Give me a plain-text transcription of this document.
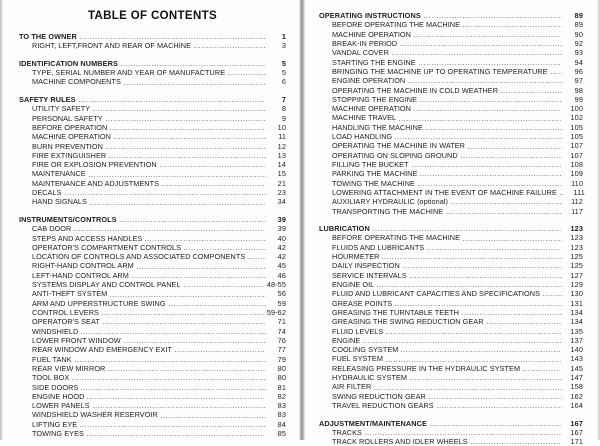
TABLE OF CONTENTS
TO THE OWNER	1
RIGHT, LEFT,FRONT AND REAR OF MACHINE	3
IDENTIFICATION NUMBERS	5
TYPE, SERIAL NUMBER AND YEAR OF MANUFACTURE	5
MACHINE COMPONENTS	6
SAFETY RULES	7
UTILITY SAFETY	8
PERSONAL SAFETY	9
BEFORE OPERATION	10
MACHINE OPERATION	11
BURN PREVENTION	12
FIRE EXTINGUISHER	13
FIRE OR EXPLOSION PREVENTION	14
MAINTENANCE	15
MAINTENANCE AND ADJUSTMENTS	21
DECALS	23
HAND SIGNALS	34
INSTRUMENTS/CONTROLS	39
CAB DOOR	39
STEPS AND ACCESS HANDLES	40
OPERATOR'S COMPARTMENT CONTROLS	42
LOCATION OF CONTROLS AND ASSOCIATED COMPONENTS	42
RIGHT-HAND CONTROL ARM	45
LEFT-HAND CONTROL ARM	46
SYSTEMS DISPLAY AND CONTROL PANEL	48-55
ANTI-THEFT SYSTEM	56
ARM AND UPPERSTRUCTURE SWING	59
CONTROL LEVERS	59-62
OPERATOR'S SEAT	71
WINDSHIELD	74
LOWER FRONT WINDOW	76
REAR WINDOW AND EMERGENCY EXIT	77
FUEL TANK	79
REAR VIEW MIRROR	80
TOOL BOX	80
SIDE DOORS	81
ENGINE HOOD	82
LOWER PANELS	83
WINDSHIELD WASHER RESERVOIR	83
LIFTING EYE	84
TOWING EYES	85
OPERATING INSTRUCTIONS	89
BEFORE OPERATING THE MACHINE	89
MACHINE OPERATION	90
BREAK-IN PERIOD	92
VANDAL COVER	93
STARTING THE ENGINE	94
BRINGING THE MACHINE UP TO OPERATING TEMPERATURE	96
ENGINE OPERATION	97
OPERATING THE MACHINE IN COLD WEATHER	98
STOPPING THE ENGINE	99
MACHINE OPERATION	100
MACHINE TRAVEL	102
HANDLING THE MACHINE	105
LOAD HANDLING	105
OPERATING THE MACHINE IN WATER	107
OPERATING ON SLOPING GROUND	107
FILLING THE BUCKET	108
PARKING THE MACHINE	109
TOWING THE MACHINE	110
LOWERING ATTACHMENT IN THE EVENT OF MACHINE FAILURE	111
AUXILIARY HYDRAULIC (optional)	112
TRANSPORTING THE MACHINE	117
LUBRICATION	123
BEFORE OPERATING THE MACHINE	123
FLUIDS AND LUBRICANTS	123
HOURMETER	125
DAILY INSPECTION	125
SERVICE INTERVALS	127
ENGINE OIL	129
FLUID AND LUBRICANT CAPACITIES AND SPECIFICATIONS	130
GREASE POINTS	131
GREASING THE TURNTABLE TEETH	134
GREASING THE SWING REDUCTION GEAR	134
FLUID LEVELS	135
ENGINE	137
COOLING SYSTEM	140
FUEL SYSTEM	143
RELEASING PRESSURE IN THE HYDRAULIC SYSTEM	145
HYDRAULIC SYSTEM	147
AIR FILTER	158
SWING REDUCTION GEAR	162
TRAVEL REDUCTION GEARS	164
ADJUSTMENT/MAINTENANCE	167
TRACKS	167
TRACK ROLLERS AND IDLER WHEELS	171
